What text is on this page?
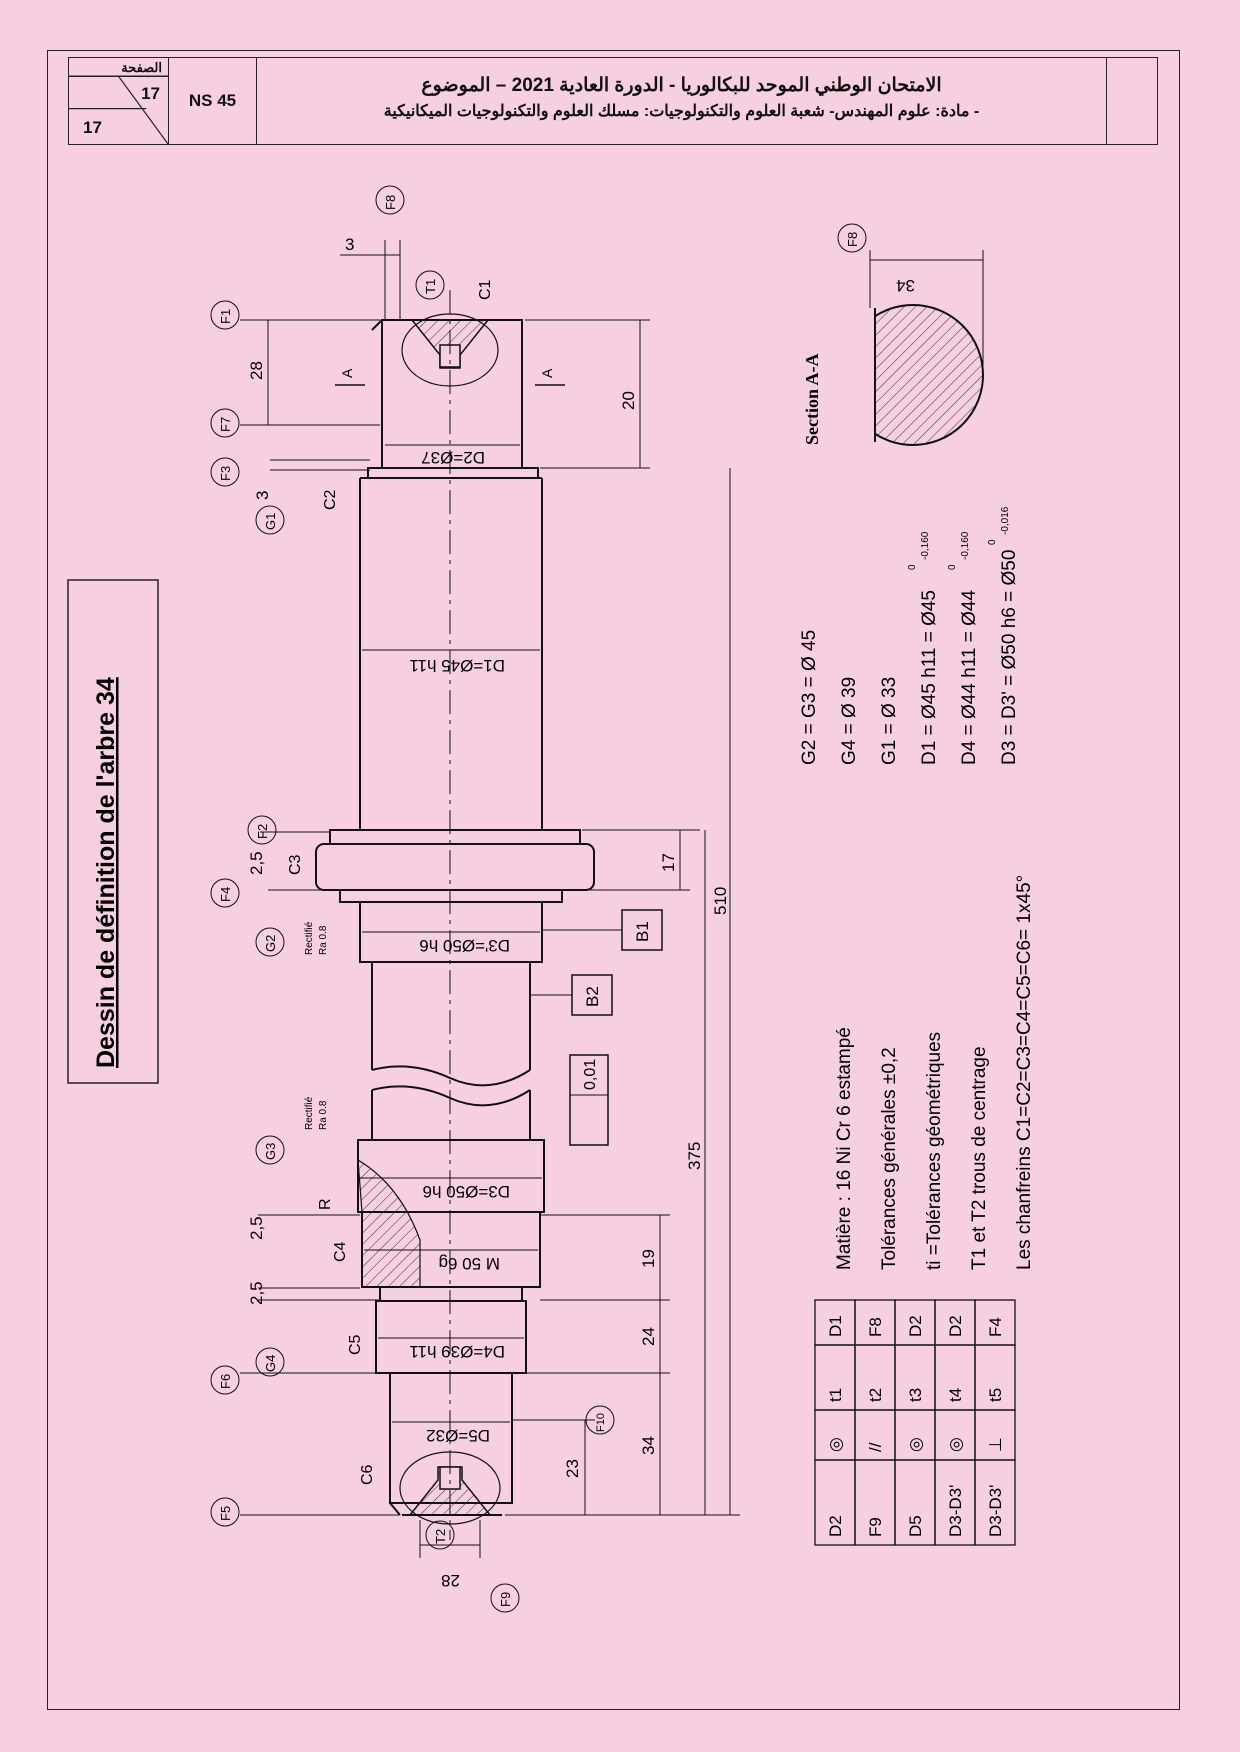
الصفحة
17
17
NS 45
الامتحان الوطني الموحد للبكالوريا - الدورة العادية 2021 – الموضوع
- مادة: علوم المهندس- شعبة العلوم والتكنولوجيات: مسلك العلوم والتكنولوجيات الميكانيكية
Dessin de définition de l'arbre 34
D2=Ø37
D1=Ø45 h11
D3'=Ø50 h6
D3=Ø50 h6
M 50 6g
D4=Ø39 h11
D5=Ø32
28
3
3
2,5
2,5
2,5
28
20
17
510
375
19
24
34
23
F8
T1
F1
F7
F3
G1
F2
F4
G2
G3
G4
F6
F5
T2
F9
F10
C1
C2
C3
C4
C5
C6
R
A	A
B1
B2
0,01
Rectifié Ra 0.8
Rectifié Ra 0.8
F8
34
Section A-A
G2 = G3 = Ø 45 G4 = Ø 39 G1 = Ø 33 D1 = Ø45 h11 = Ø45 D4 = Ø44 h11 = Ø44 D3 = D3' = Ø50 h6 = Ø50
0
-0,160
0
-0,160 0
-0,016
Matière : 16 Ni Cr 6 estampé Tolérances générales ±0,2 ti =Tolérances géométriques T1 et T2 trous de centrage Les chanfreins C1=C2=C3=C4=C5=C6= 1x45°
D2
◎
t1
D1
F9
//
t2
F8
D5
◎
t3
D2
D3-D3'
◎
t4
D2
D3-D3'
⊥
t5
F4
